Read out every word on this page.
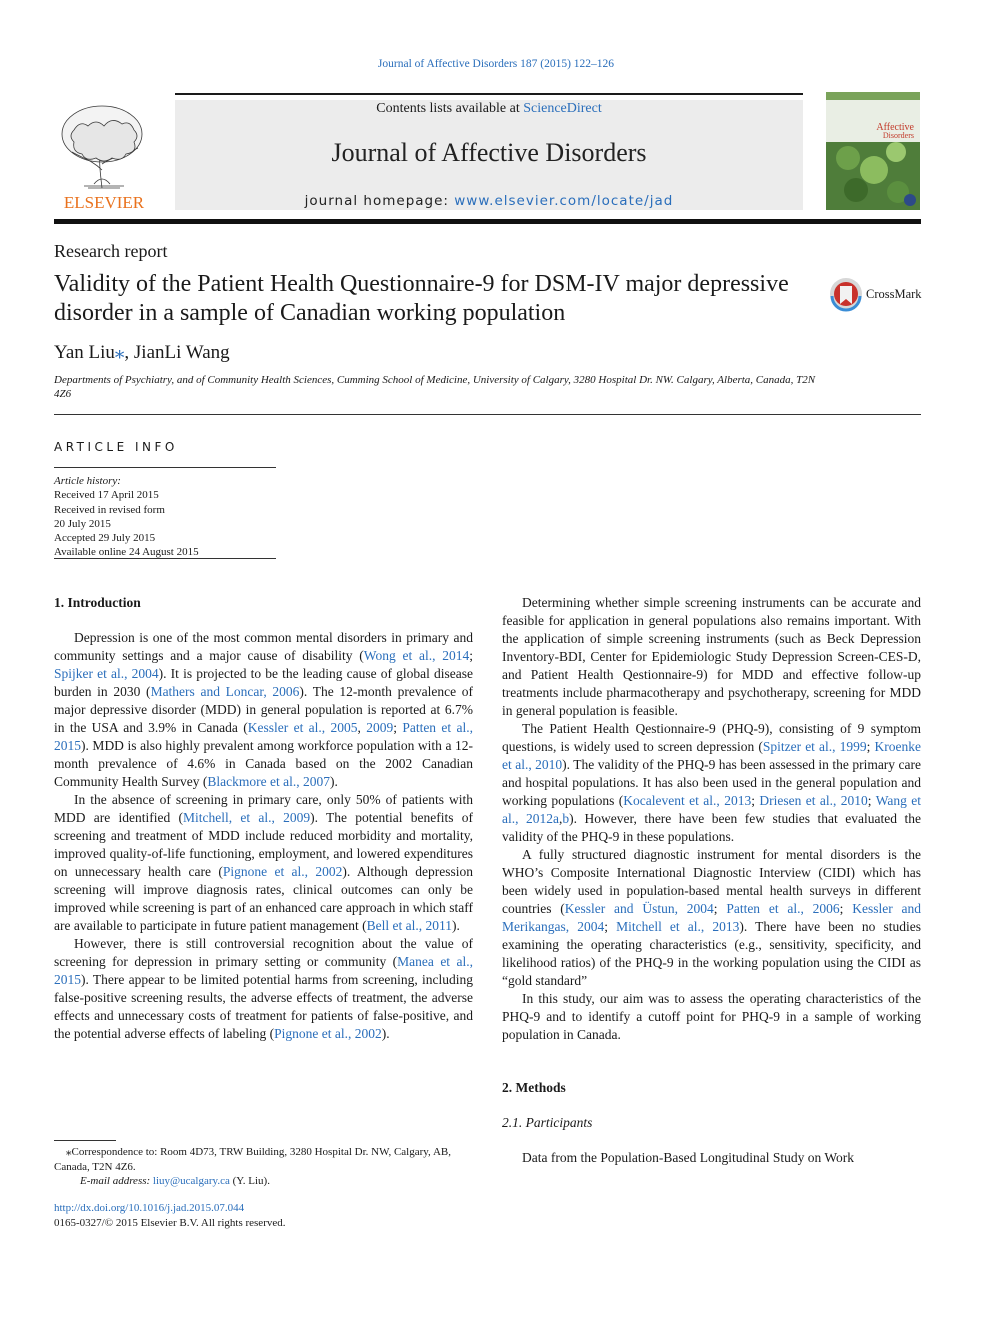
Journal of Affective Disorders 187 (2015) 122–126
ELSEVIER
Contents lists available at ScienceDirect
Journal of Affective Disorders
journal homepage: www.elsevier.com/locate/jad
Affective
Disorders
Research report
Validity of the Patient Health Questionnaire-9 for DSM-IV major depressive disorder in a sample of Canadian working population
CrossMark
Yan Liu⁎, JianLi Wang
Departments of Psychiatry, and of Community Health Sciences, Cumming School of Medicine, University of Calgary, 3280 Hospital Dr. NW. Calgary, Alberta, Canada, T2N 4Z6
ARTICLE INFO
Article history:
Received 17 April 2015
Received in revised form
20 July 2015
Accepted 29 July 2015
Available online 24 August 2015
1. Introduction

Depression is one of the most common mental disorders in primary and community settings and a major cause of disability (Wong et al., 2014; Spijker et al., 2004). It is projected to be the leading cause of global disease burden in 2030 (Mathers and Loncar, 2006). The 12-month prevalence of major depressive disorder (MDD) in general population is reported at 6.7% in the USA and 3.9% in Canada (Kessler et al., 2005, 2009; Patten et al., 2015). MDD is also highly prevalent among workforce population with a 12-month prevalence of 4.6% in Canada based on the 2002 Canadian Community Health Survey (Blackmore et al., 2007).

In the absence of screening in primary care, only 50% of patients with MDD are identified (Mitchell, et al., 2009). The potential benefits of screening and treatment of MDD include reduced morbidity and mortality, improved quality-of-life functioning, employment, and lowered expenditures on unnecessary health care (Pignone et al., 2002). Although depression screening will improve diagnosis rates, clinical outcomes can only be improved while screening is part of an enhanced care approach in which staff are available to participate in future patient management (Bell et al., 2011).

However, there is still controversial recognition about the value of screening for depression in primary setting or community (Manea et al., 2015). There appear to be limited potential harms from screening, including false-positive screening results, the adverse effects of treatment, the adverse effects and unnecessary costs of treatment for patients of false-positive, and the potential adverse effects of labeling (Pignone et al., 2002).

Determining whether simple screening instruments can be accurate and feasible for application in general populations also remains important. With the application of simple screening instruments (such as Beck Depression Inventory-BDI, Center for Epidemiologic Study Depression Screen-CES-D, and Patient Health Qestionnaire-9) for MDD and effective follow-up treatments include pharmacotherapy and psychotherapy, screening for MDD in general population is feasible.

The Patient Health Qestionnaire-9 (PHQ-9), consisting of 9 symptom questions, is widely used to screen depression (Spitzer et al., 1999; Kroenke et al., 2010). The validity of the PHQ-9 has been assessed in the primary care and hospital populations. It has also been used in the general population and working populations (Kocalevent et al., 2013; Driesen et al., 2010; Wang et al., 2012a,b). However, there have been few studies that evaluated the validity of the PHQ-9 in these populations.

A fully structured diagnostic instrument for mental disorders is the WHO’s Composite International Diagnostic Interview (CIDI) which has been widely used in population-based mental health surveys in different countries (Kessler and Üstun, 2004; Patten et al., 2006; Kessler and Merikangas, 2004; Mitchell et al., 2013). There have been no studies examining the operating characteristics (e.g., sensitivity, specificity, and likelihood ratios) of the PHQ-9 in the working population using the CIDI as “gold standard”

In this study, our aim was to assess the operating characteristics of the PHQ-9 and to identify a cutoff point for PHQ-9 in a sample of working population in Canada.

2. Methods
2.1. Participants

Data from the Population-Based Longitudinal Study on Work

⁎Correspondence to: Room 4D73, TRW Building, 3280 Hospital Dr. NW, Calgary, AB, Canada, T2N 4Z6.
E-mail address: liuy@ucalgary.ca (Y. Liu).
http://dx.doi.org/10.1016/j.jad.2015.07.044
0165-0327/© 2015 Elsevier B.V. All rights reserved.
